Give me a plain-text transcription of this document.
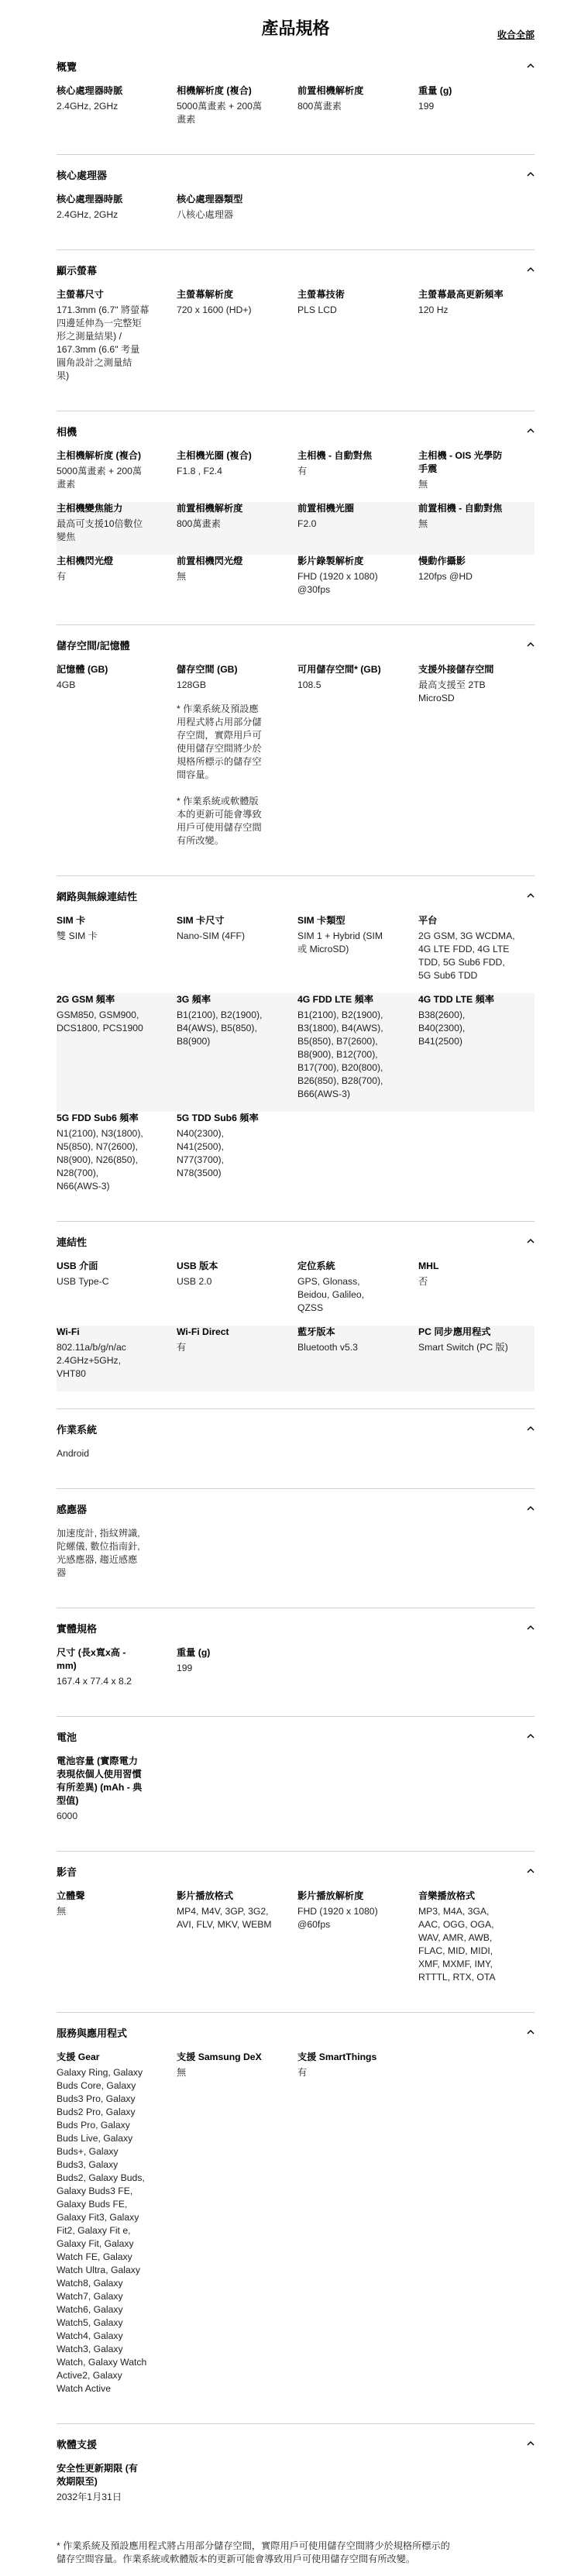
產品規格	收合全部
概覽
核心處理器時脈
2.4GHz, 2GHz
相機解析度 (複合)
5000萬畫素 + 200萬
畫素
前置相機解析度
800萬畫素
重量 (g)
199
核心處理器
核心處理器時脈
2.4GHz, 2GHz
核心處理器類型
八核心處理器
顯示螢幕
主螢幕尺寸
171.3mm (6.7" 將螢幕
四邊延伸為一完整矩
形之測量結果) /
167.3mm (6.6" 考量
圓角設計之測量結
果)
主螢幕解析度
720 x 1600 (HD+)
主螢幕技術
PLS LCD
主螢幕最高更新頻率
120 Hz
相機
主相機解析度 (複合)
5000萬畫素 + 200萬
畫素
主相機光圈 (複合)
F1.8 , F2.4
主相機 - 自動對焦
有
主相機 - OIS 光學防
手震
無
主相機變焦能力
最高可支援10倍數位
變焦
前置相機解析度
800萬畫素
前置相機光圈
F2.0
前置相機 - 自動對焦
無
主相機閃光燈
有
前置相機閃光燈
無
影片錄製解析度
FHD (1920 x 1080)
@30fps
慢動作攝影
120fps @HD
儲存空間/記憶體
記憶體 (GB)
4GB
儲存空間 (GB)
128GB
* 作業系統及預設應
用程式將占用部分儲
存空間，實際用戶可
使用儲存空間將少於
規格所標示的儲存空
間容量。

* 作業系統或軟體版
本的更新可能會導致
用戶可使用儲存空間
有所改變。
可用儲存空間* (GB)
108.5
支援外接儲存空間
最高支援至 2TB
MicroSD
網路與無線連結性
SIM 卡
雙 SIM 卡
SIM 卡尺寸
Nano-SIM (4FF)
SIM 卡類型
SIM 1 + Hybrid (SIM
或 MicroSD)
平台
2G GSM, 3G WCDMA,
4G LTE FDD, 4G LTE
TDD, 5G Sub6 FDD,
5G Sub6 TDD
2G GSM 頻率
GSM850, GSM900,
DCS1800, PCS1900
3G 頻率
B1(2100), B2(1900),
B4(AWS), B5(850),
B8(900)
4G FDD LTE 頻率
B1(2100), B2(1900),
B3(1800), B4(AWS),
B5(850), B7(2600),
B8(900), B12(700),
B17(700), B20(800),
B26(850), B28(700),
B66(AWS-3)
4G TDD LTE 頻率
B38(2600),
B40(2300),
B41(2500)
5G FDD Sub6 頻率
N1(2100), N3(1800),
N5(850), N7(2600),
N8(900), N26(850),
N28(700),
N66(AWS-3)
5G TDD Sub6 頻率
N40(2300),
N41(2500),
N77(3700),
N78(3500)
連結性
USB 介面
USB Type-C
USB 版本
USB 2.0
定位系統
GPS, Glonass,
Beidou, Galileo,
QZSS
MHL
否
Wi-Fi
802.11a/b/g/n/ac
2.4GHz+5GHz,
VHT80
Wi-Fi Direct
有
藍牙版本
Bluetooth v5.3
PC 同步應用程式
Smart Switch (PC 版)
作業系統
Android
感應器
加速度計, 指紋辨識,
陀螺儀, 數位指南針,
光感應器, 趨近感應
器
實體規格
尺寸 (長x寬x高 -
mm)
167.4 x 77.4 x 8.2
重量 (g)
199
電池
電池容量 (實際電力
表現依個人使用習慣
有所差異) (mAh - 典
型值)
6000
影音
立體聲
無
影片播放格式
MP4, M4V, 3GP, 3G2,
AVI, FLV, MKV, WEBM
影片播放解析度
FHD (1920 x 1080)
@60fps
音樂播放格式
MP3, M4A, 3GA,
AAC, OGG, OGA,
WAV, AMR, AWB,
FLAC, MID, MIDI,
XMF, MXMF, IMY,
RTTTL, RTX, OTA
服務與應用程式
支援 Gear
Galaxy Ring, Galaxy
Buds Core, Galaxy
Buds3 Pro, Galaxy
Buds2 Pro, Galaxy
Buds Pro, Galaxy
Buds Live, Galaxy
Buds+, Galaxy
Buds3, Galaxy
Buds2, Galaxy Buds,
Galaxy Buds3 FE,
Galaxy Buds FE,
Galaxy Fit3, Galaxy
Fit2, Galaxy Fit e,
Galaxy Fit, Galaxy
Watch FE, Galaxy
Watch Ultra, Galaxy
Watch8, Galaxy
Watch7, Galaxy
Watch6, Galaxy
Watch5, Galaxy
Watch4, Galaxy
Watch3, Galaxy
Watch, Galaxy Watch
Active2, Galaxy
Watch Active
支援 Samsung DeX
無
支援 SmartThings
有
軟體支援
安全性更新期限 (有
效期限至)
2032年1月31日
* 作業系統及預設應用程式將占用部分儲存空間，實際用戶可使用儲存空間將少於規格所標示的
儲存空間容量。作業系統或軟體版本的更新可能會導致用戶可使用儲存空間有所改變。
